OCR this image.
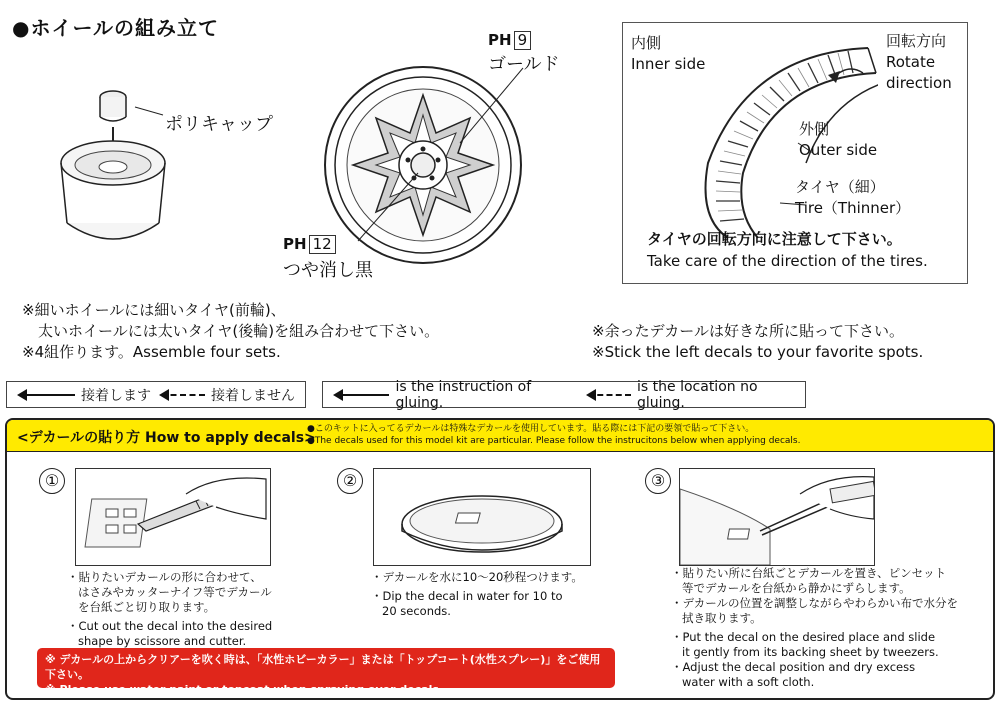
●ホイールの組み立て
ポリキャップ
PH 9
ゴールド
PH 12
つや消し黒
内側
Inner side
回転方向
Rotate
direction
外側
Outer side
タイヤ（細）
Tire（Thinner）
タイヤの回転方向に注意して下さい。
Take care of the direction of the tires.
※細いホイールには細いタイヤ(前輪)、
太いホイールには太いタイヤ(後輪)を組み合わせて下さい。
※4組作ります。Assemble four sets.
※余ったデカールは好きな所に貼って下さい。
※Stick the left decals to your favorite spots.
接着します	接着しません
is the instruction of gluing.
is the location no gluing.
<デカールの貼り方 How to apply decals>
●このキットに入ってるデカールは特殊なデカールを使用しています。貼る際には下記の要領で貼って下さい。
●The decals used for this model kit are particular. Please follow the instrucitons below when applying decals.
①
・貼りたいデカールの形に合わせて、
はさみやカッターナイフ等でデカール
を台紙ごと切り取ります。
・Cut out the decal into the desired
shape by scissore and cutter.
②
・デカールを水に10〜20秒程つけます。
・Dip the decal in water for 10 to
20 seconds.
③
・貼りたい所に台紙ごとデカールを置き、ピンセット
等でデカールを台紙から静かにずらします。
・デカールの位置を調整しながらやわらかい布で水分を
拭き取ります。
・Put the decal on the desired place and slide
it gently from its backing sheet by tweezers.
・Adjust the decal position and dry excess
water with a soft cloth.
※ デカールの上からクリアーを吹く時は、「水性ホビーカラー」または「トップコート(水性スプレー)」をご使用下さい。
※ Please use water paint or topcoat when spraying over decals.
